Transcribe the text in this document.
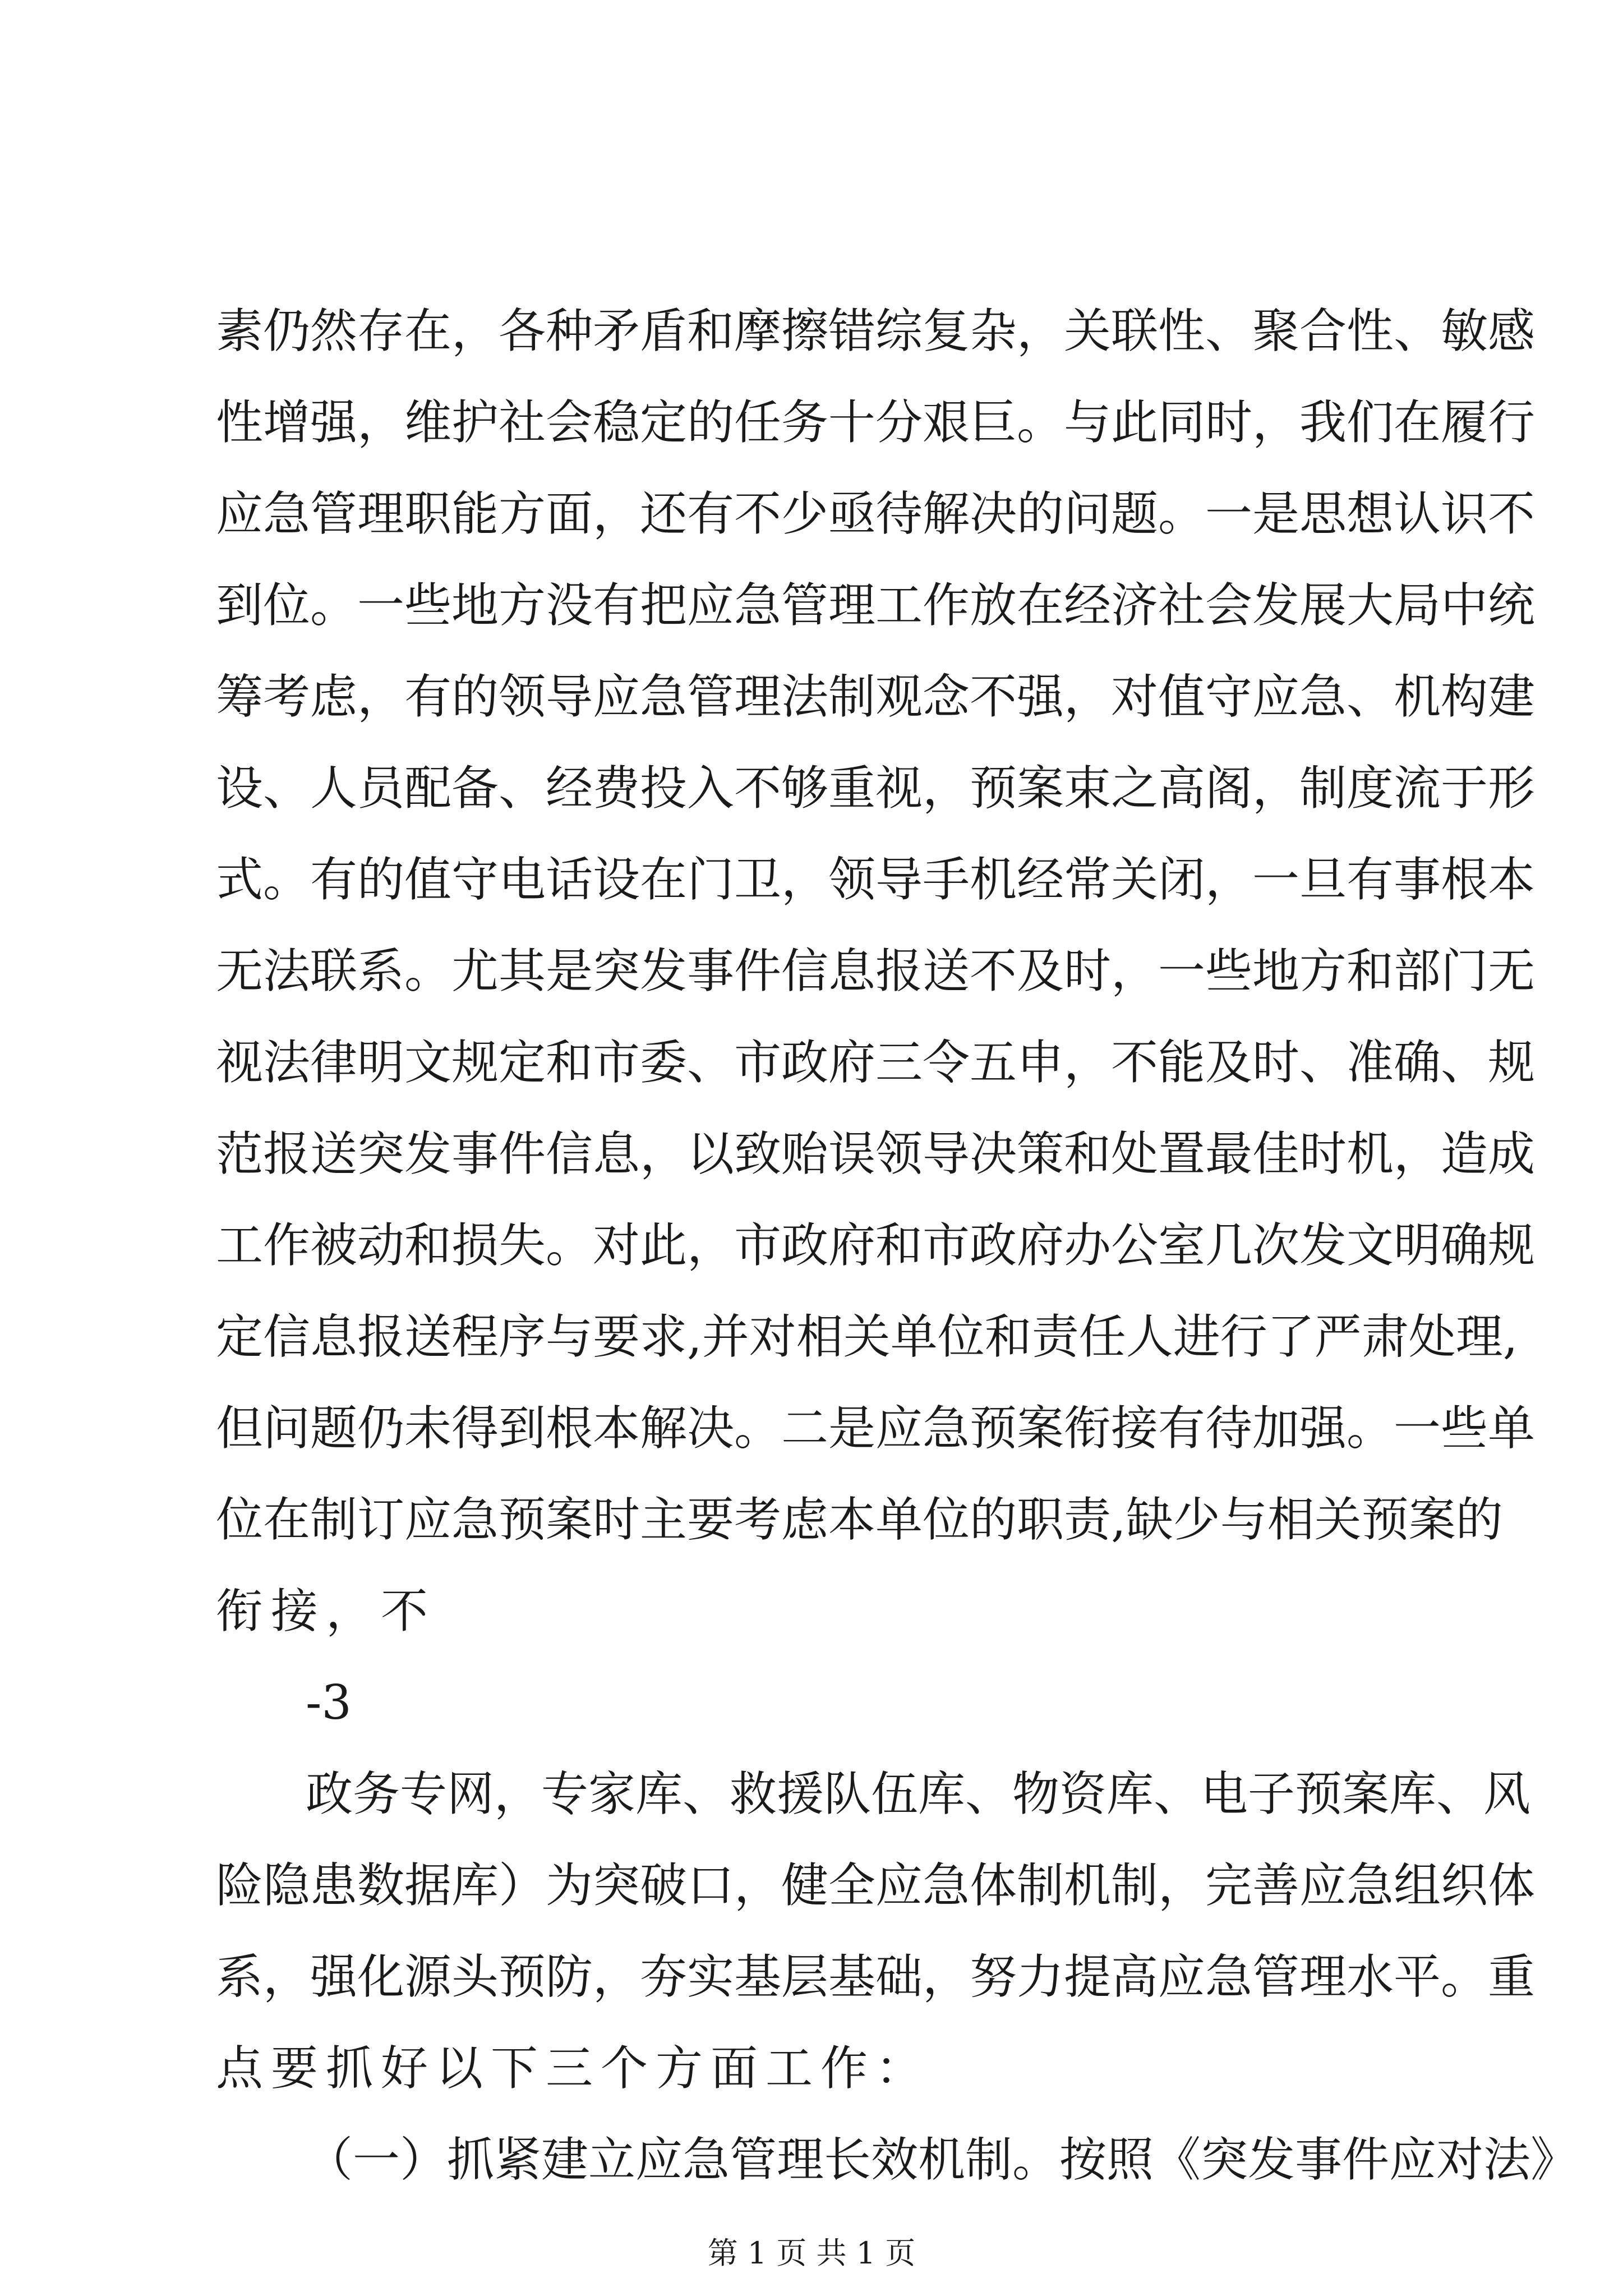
素仍然存在，各种矛盾和摩擦错综复杂，关联性、聚合性、敏感
性增强，维护社会稳定的任务十分艰巨。与此同时，我们在履行
应急管理职能方面，还有不少亟待解决的问题。一是思想认识不
到位。一些地方没有把应急管理工作放在经济社会发展大局中统
筹考虑，有的领导应急管理法制观念不强，对值守应急、机构建
设、人员配备、经费投入不够重视，预案束之高阁，制度流于形
式。有的值守电话设在门卫，领导手机经常关闭，一旦有事根本
无法联系。尤其是突发事件信息报送不及时，一些地方和部门无
视法律明文规定和市委、市政府三令五申，不能及时、准确、规
范报送突发事件信息，以致贻误领导决策和处置最佳时机，造成
工作被动和损失。对此，市政府和市政府办公室几次发文明确规
定信息报送程序与要求,并对相关单位和责任人进行了严肃处理,
但问题仍未得到根本解决。二是应急预案衔接有待加强。一些单
位在制订应急预案时主要考虑本单位的职责,缺少与相关预案的
衔接，不
-3
政务专网，专家库、救援队伍库、物资库、电子预案库、风
险隐患数据库）为突破口，健全应急体制机制，完善应急组织体
系，强化源头预防，夯实基层基础，努力提高应急管理水平。重
点要抓好以下三个方面工作：
（一）抓紧建立应急管理长效机制。按照《突发事件应对法》
第 1 页 共 1 页
